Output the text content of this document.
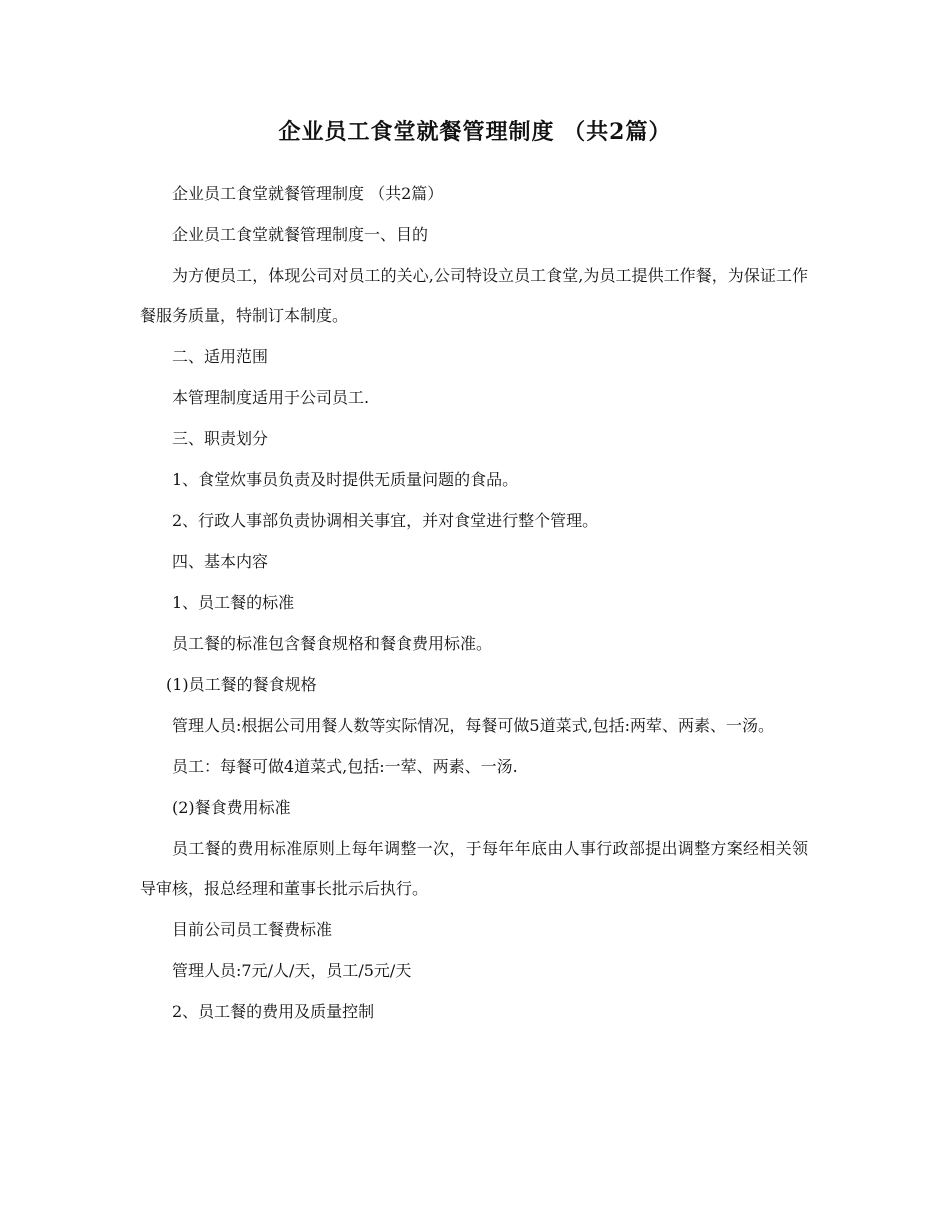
企业员工食堂就餐管理制度 （共2篇）

企业员工食堂就餐管理制度 （共2篇）

企业员工食堂就餐管理制度一、目的

为方便员工，体现公司对员工的关心,公司特设立员工食堂,为员工提供工作餐，为保证工作餐服务质量，特制订本制度。

二、适用范围

本管理制度适用于公司员工.

三、职责划分

1、食堂炊事员负责及时提供无质量问题的食品。

2、行政人事部负责协调相关事宜，并对食堂进行整个管理。

四、基本内容

1、员工餐的标准

员工餐的标准包含餐食规格和餐食费用标准。

(1)员工餐的餐食规格

管理人员:根据公司用餐人数等实际情况，每餐可做5道菜式,包括:两荤、两素、一汤。

员工：每餐可做4道菜式,包括:一荤、两素、一汤.

(2)餐食费用标准

员工餐的费用标准原则上每年调整一次，于每年年底由人事行政部提出调整方案经相关领导审核，报总经理和董事长批示后执行。

目前公司员工餐费标准

管理人员:7元/人/天，员工/5元/天

2、员工餐的费用及质量控制
